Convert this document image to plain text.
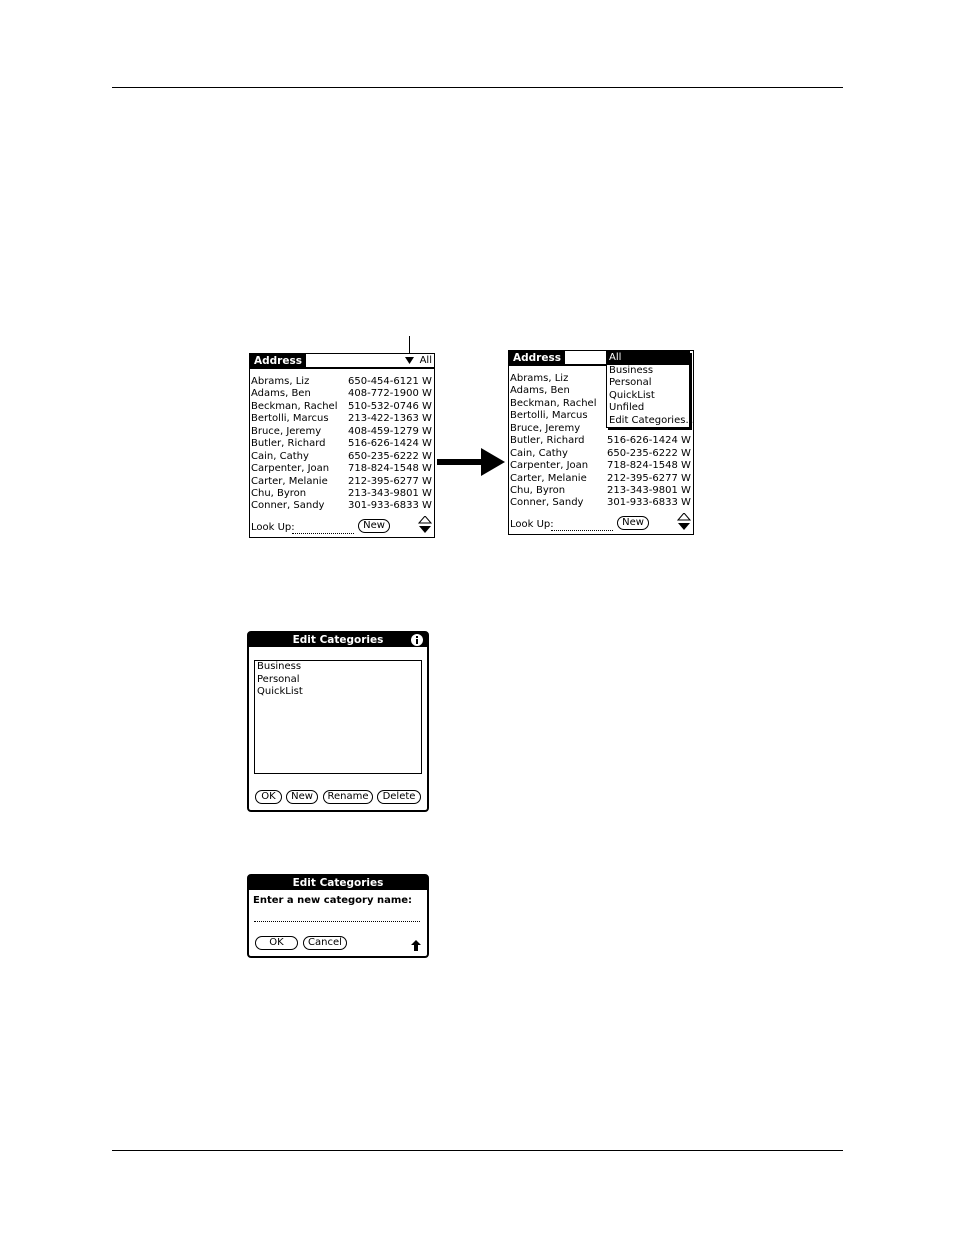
Address	All
Abrams, Liz	650-454-6121 W
Adams, Ben	408-772-1900 W
Beckman, Rachel 510-532-0746 W
Bertolli, Marcus 213-422-1363 W
Bruce, Jeremy	408-459-1279 W
Butler, Richard 516-626-1424 W
Cain, Cathy	650-235-6222 W
Carpenter, Joan 718-824-1548 W
Carter, Melanie 212-395-6277 W
Chu, Byron	213-343-9801 W
Conner, Sandy 301-933-6833 W
Look Up:	New
Address
Abrams, Liz
Adams, Ben
Beckman, Rachel
Bertolli, Marcus
Bruce, Jeremy
Butler, Richard 516-626-1424 W
Cain, Cathy	650-235-6222 W
Carpenter, Joan 718-824-1548 W
Carter, Melanie 212-395-6277 W
Chu, Byron	213-343-9801 W
Conner, Sandy 301-933-6833 W
Look Up:	New
All
Business
Personal
QuickList
Unfiled
Edit Categories...
Edit Categories
Business
Personal
QuickList
OK	New	Rename	Delete
Edit Categories
Enter a new category name:
OK	Cancel
